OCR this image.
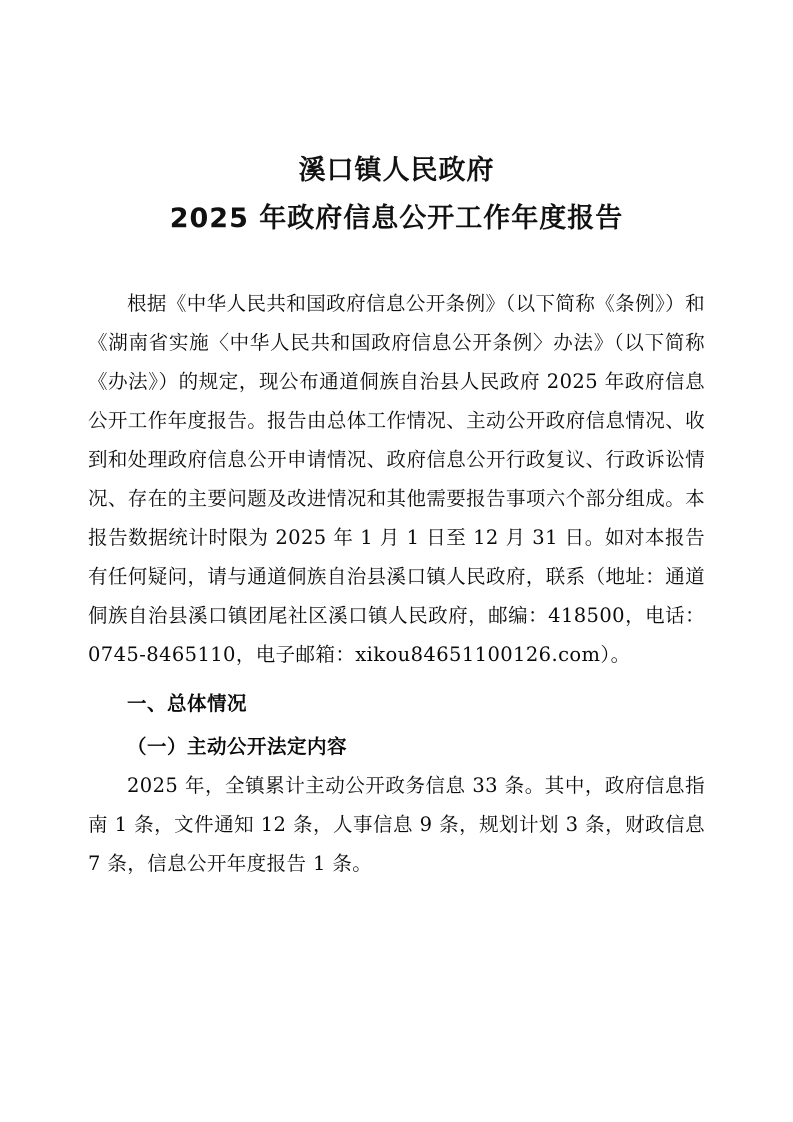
溪口镇人民政府
2025 年政府信息公开工作年度报告

根据《中华人民共和国政府信息公开条例》（以下简称《条例》）和《湖南省实施〈中华人民共和国政府信息公开条例〉办法》（以下简称《办法》）的规定，现公布通道侗族自治县人民政府 2025 年政府信息公开工作年度报告。报告由总体工作情况、主动公开政府信息情况、收到和处理政府信息公开申请情况、政府信息公开行政复议、行政诉讼情况、存在的主要问题及改进情况和其他需要报告事项六个部分组成。本报告数据统计时限为 2025 年 1 月 1 日至 12 月 31 日。如对本报告有任何疑问，请与通道侗族自治县溪口镇人民政府，联系（地址：通道侗族自治县溪口镇团尾社区溪口镇人民政府，邮编：418500，电话：0745-8465110，电子邮箱：xikou84651100126.com）。

一、总体情况
（一）主动公开法定内容

2025 年，全镇累计主动公开政务信息 33 条。其中，政府信息指南 1 条，文件通知 12 条，人事信息 9 条，规划计划 3 条，财政信息 7 条，信息公开年度报告 1 条。
